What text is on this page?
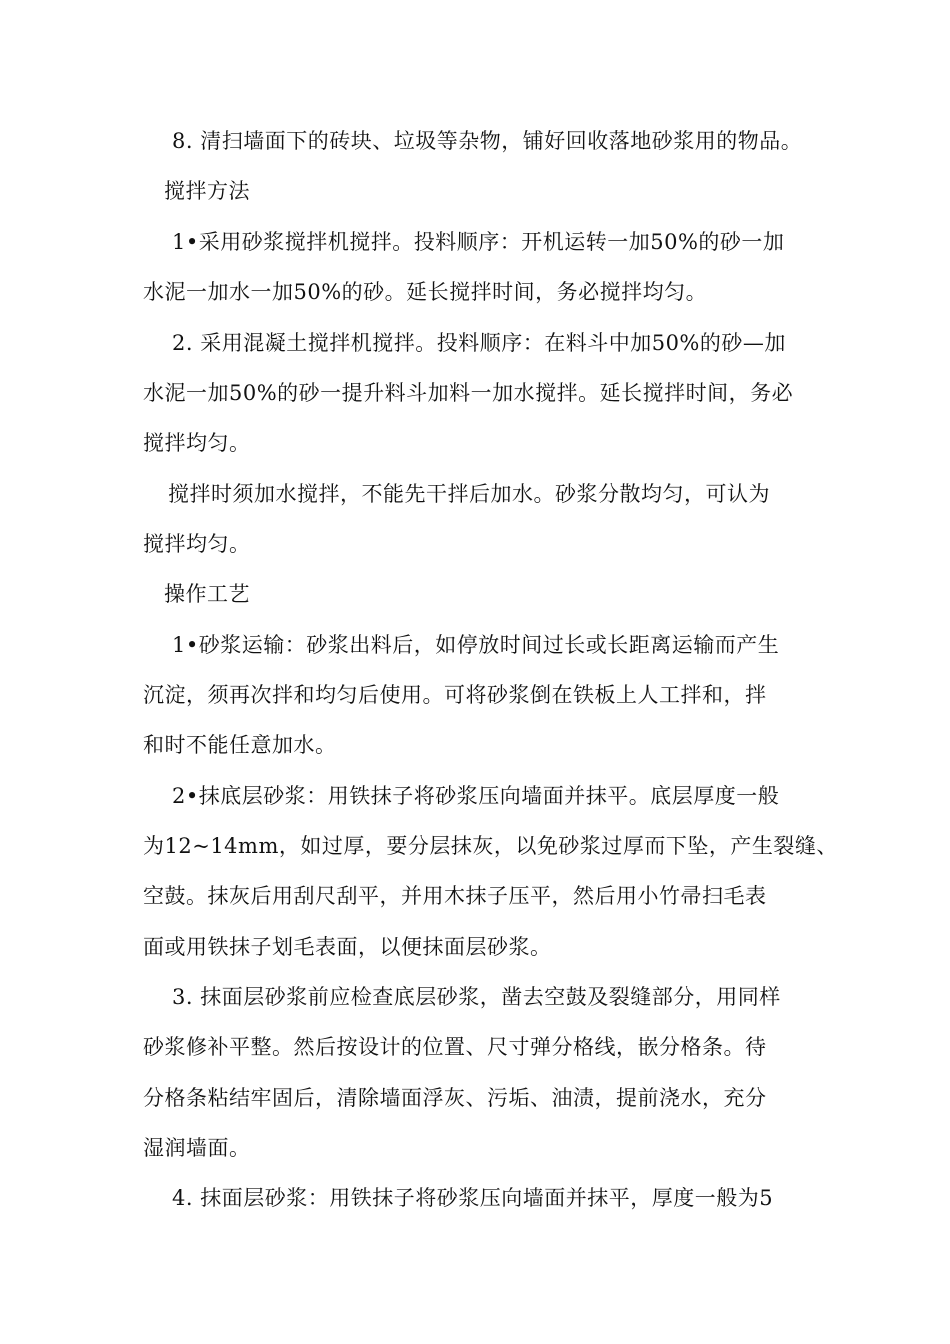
8. 清扫墙面下的砖块、垃圾等杂物，铺好回收落地砂浆用的物品。
搅拌方法
1•采用砂浆搅拌机搅拌。投料顺序：开机运转一加50%的砂一加
水泥一加水一加50%的砂。延长搅拌时间，务必搅拌均匀。
2. 采用混凝土搅拌机搅拌。投料顺序：在料斗中加50%的砂—加
水泥一加50%的砂一提升料斗加料一加水搅拌。延长搅拌时间，务必
搅拌均匀。
搅拌时须加水搅拌，不能先干拌后加水。砂浆分散均匀，可认为
搅拌均匀。
操作工艺
1•砂浆运输：砂浆出料后，如停放时间过长或长距离运输而产生
沉淀，须再次拌和均匀后使用。可将砂浆倒在铁板上人工拌和，拌
和时不能任意加水。
2•抹底层砂浆：用铁抹子将砂浆压向墙面并抹平。底层厚度一般
为12~14mm，如过厚，要分层抹灰，以免砂浆过厚而下坠，产生裂缝、
空鼓。抹灰后用刮尺刮平，并用木抹子压平，然后用小竹帚扫毛表
面或用铁抹子划毛表面，以便抹面层砂浆。
3. 抹面层砂浆前应检查底层砂浆，凿去空鼓及裂缝部分，用同样
砂浆修补平整。然后按设计的位置、尺寸弹分格线，嵌分格条。待
分格条粘结牢固后，清除墙面浮灰、污垢、油渍，提前浇水，充分
湿润墙面。
4. 抹面层砂浆：用铁抹子将砂浆压向墙面并抹平，厚度一般为5
